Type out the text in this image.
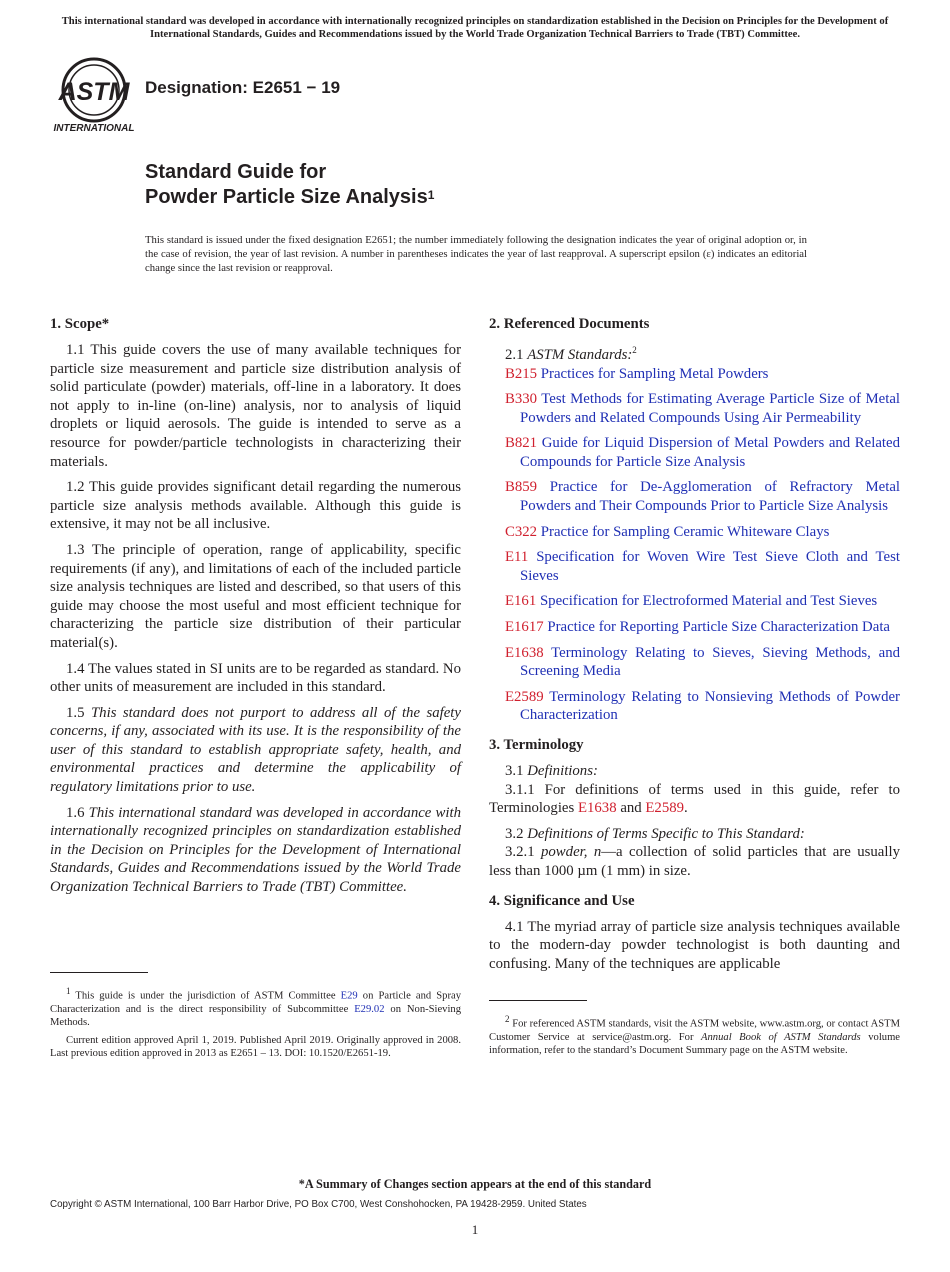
This international standard was developed in accordance with internationally recognized principles on standardization established in the Decision on Principles for the Development of International Standards, Guides and Recommendations issued by the World Trade Organization Technical Barriers to Trade (TBT) Committee.
ASTM
INTERNATIONAL
Designation: E2651 − 19
Standard Guide for
Powder Particle Size Analysis$^1$
This standard is issued under the fixed designation E2651; the number immediately following the designation indicates the year of original adoption or, in the case of revision, the year of last revision. A number in parentheses indicates the year of last reapproval. A superscript epsilon (ε) indicates an editorial change since the last revision or reapproval.
1. Scope*

1.1 This guide covers the use of many available techniques for particle size measurement and particle size distribution analysis of solid particulate (powder) materials, off-line in a laboratory. It does not apply to in-line (on-line) analysis, nor to analysis of liquid droplets or liquid aerosols. The guide is intended to serve as a resource for powder/particle technologists in characterizing their materials.

1.2 This guide provides significant detail regarding the numerous particle size analysis methods available. Although this guide is extensive, it may not be all inclusive.

1.3 The principle of operation, range of applicability, specific requirements (if any), and limitations of each of the included particle size analysis techniques are listed and described, so that users of this guide may choose the most useful and most efficient technique for characterizing the particle size distribution of their particular material(s).

1.4 The values stated in SI units are to be regarded as standard. No other units of measurement are included in this standard.

1.5 This standard does not purport to address all of the safety concerns, if any, associated with its use. It is the responsibility of the user of this standard to establish appropriate safety, health, and environmental practices and determine the applicability of regulatory limitations prior to use.

1.6 This international standard was developed in accordance with internationally recognized principles on standardization established in the Decision on Principles for the Development of International Standards, Guides and Recommendations issued by the World Trade Organization Technical Barriers to Trade (TBT) Committee.

$^1$ This guide is under the jurisdiction of ASTM Committee E29 on Particle and Spray Characterization and is the direct responsibility of Subcommittee E29.02 on Non-Sieving Methods.

Current edition approved April 1, 2019. Published April 2019. Originally approved in 2008. Last previous edition approved in 2013 as E2651 – 13. DOI: 10.1520/E2651-19.

2. Referenced Documents

2.1 ASTM Standards:$^2$

B215 Practices for Sampling Metal Powders

B330 Test Methods for Estimating Average Particle Size of Metal Powders and Related Compounds Using Air Permeability

B821 Guide for Liquid Dispersion of Metal Powders and Related Compounds for Particle Size Analysis

B859 Practice for De-Agglomeration of Refractory Metal Powders and Their Compounds Prior to Particle Size Analysis

C322 Practice for Sampling Ceramic Whiteware Clays

E11 Specification for Woven Wire Test Sieve Cloth and Test Sieves

E161 Specification for Electroformed Material and Test Sieves

E1617 Practice for Reporting Particle Size Characterization Data

E1638 Terminology Relating to Sieves, Sieving Methods, and Screening Media

E2589 Terminology Relating to Nonsieving Methods of Powder Characterization

3. Terminology

3.1 Definitions:

3.1.1 For definitions of terms used in this guide, refer to Terminologies E1638 and E2589.

3.2 Definitions of Terms Specific to This Standard:

3.2.1 powder, n—a collection of solid particles that are usually less than 1000 µm (1 mm) in size.

4. Significance and Use

4.1 The myriad array of particle size analysis techniques available to the modern-day powder technologist is both daunting and confusing. Many of the techniques are applicable

$^2$ For referenced ASTM standards, visit the ASTM website, www.astm.org, or contact ASTM Customer Service at service@astm.org. For Annual Book of ASTM Standards volume information, refer to the standard’s Document Summary page on the ASTM website.

*A Summary of Changes section appears at the end of this standard
Copyright © ASTM International, 100 Barr Harbor Drive, PO Box C700, West Conshohocken, PA 19428-2959. United States
1
